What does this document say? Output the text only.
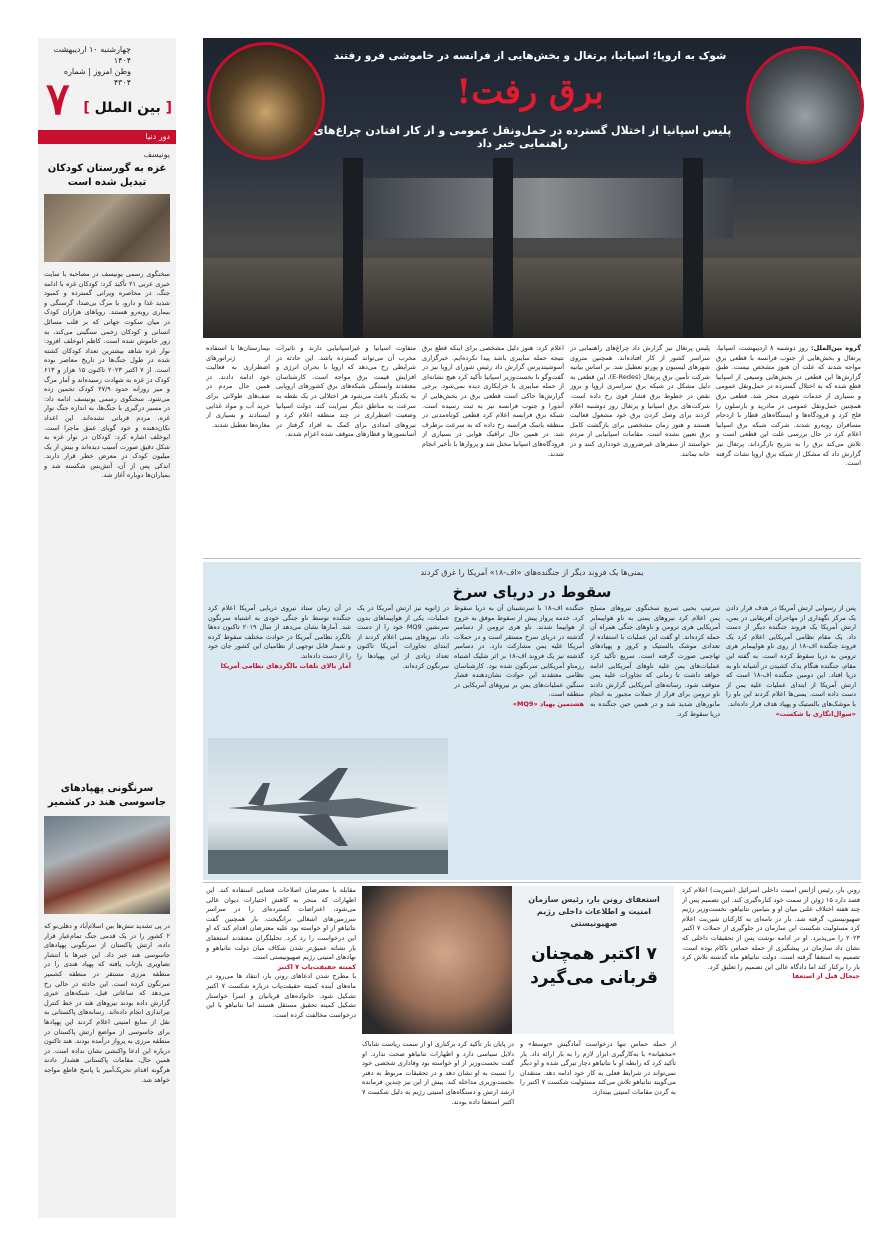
چهارشنبه ۱۰ اردیبهشت ۱۴۰۴
وطن امروز | شماره ۴۳۰۴
۷	[ بین الملل ]
دور دنیا
یونیسف
غزه به گورستان کودکان تبدیل شده است
سخنگوی رسمی یونیسف در مصاحبه با سایت خبری عربی ۲۱ تأکید کرد: کودکان غزه با ادامه جنگ، در محاصره ویرانی گسترده و کمبود شدید غذا و دارو، با مرگ بی‌صدا، گرسنگی و بیماری روبه‌رو هستند. رویاهای هزاران کودک در میان سکوت جهانی که بر قلب مسائل انسانی و کودکان زخمی سنگینی می‌کند، به زور خاموش شده است. کاظم ابوخلف افزود: نوار غزه شاهد بیشترین تعداد کودکان کشته شده در طول جنگ‌ها در تاریخ معاصر بوده است. از ۷ اکتبر ۲۰۲۳ تاکنون ۱۵ هزار و ۶۱۳ کودک در غزه به شهادت رسیده‌اند و آمار مرگ و میر روزانه حدود ۲۷/۹ کودک تخمین زده می‌شود. سخنگوی رسمی یونیسف ادامه داد: در مسیر درگیری با جنگ‌ها، به اندازه جنگ نوار غزه، مردم قربانی نشده‌اند. این اعداد نکان‌دهنده و خود گویای عمق ماجرا است. ابوخلف اشاره کرد: کودکان در نوار غزه به شکل دقیق صورت آسیب دیده‌اند و بیش از یک میلیون کودک در معرض خطر قرار دارند. اندکی پس از آن، آتش‌بس شکسته شد و بمباران‌ها دوباره آغاز شد.
سرنگونی پهپادهای جاسوسی هند در کشمیر
در پی تشدید تنش‌ها بین اسلام‌آباد و دهلی‌نو که ۲ کشور را در یک قدمی جنگ تمام‌عیار قرار داده، ارتش پاکستان از سرنگونی پهپادهای جاسوسی هند خبر داد. این خبرها با انتشار تصاویری بازتاب یافته که پهپاد هندی را در منطقه مرزی مستقر در منطقه کشمیر سرنگون کرده است. این حادثه در حالی رخ می‌دهد که ساعاتی قبل، شبکه‌های خبری گزارش داده بودند نیروهای هند در خط کنترل تیراندازی انجام داده‌اند. رسانه‌های پاکستانی به نقل از منابع امنیتی اعلام کردند این پهپادها برای جاسوسی از مواضع ارتش پاکستان در منطقه مرزی به پرواز درآمده بودند. هند تاکنون درباره این ادعا واکنشی نشان نداده است. در همین حال، مقامات پاکستانی هشدار دادند هرگونه اقدام تحریک‌آمیز با پاسخ قاطع مواجه خواهد شد.
شوک به اروپا؛ اسپانیا، پرتغال و بخش‌هایی از فرانسه در خاموشی فرو رفتند
برق رفت!
پلیس اسپانیا از اختلال گسترده در حمل‌ونقل عمومی و از کار افتادن چراغ‌های راهنمایی خبر داد
گروه بین‌الملل: روز دوشنبه ۸ اردیبهشت، اسپانیا، پرتغال و بخش‌هایی از جنوب فرانسه با قطعی برق مواجه شدند که علت آن هنوز مشخص نیست. طبق گزارش‌ها این قطعی در بخش‌هایی وسیعی از اسپانیا قطع شده که به اختلال گسترده در حمل‌ونقل عمومی و بسیاری از خدمات شهری منجر شد. قطعی برق همچنین حمل‌ونقل عمومی در مادرید و بارسلون را فلج کرد و فرودگاه‌ها و ایستگاه‌های قطار با ازدحام مسافران روبه‌رو شدند. شرکت شبکه برق اسپانیا اعلام کرد در حال بررسی علت این قطعی است و تلاش می‌کند برق را به تدریج بازگرداند. پرتغال نیز گزارش داد که مشکل از شبکه برق اروپا نشات گرفته است.
پلیس پرتغال نیز گزارش داد چراغ‌های راهنمایی در سراسر کشور از کار افتاده‌اند. همچنین متروی شهرهای لیسبون و پورتو تعطیل شد. بر اساس بیانیه شرکت تأمین برق پرتغال (E-Redes)، این قطعی به دلیل مشکل در شبکه برق سراسری اروپا و بروز نقص در خطوط برق فشار قوی رخ داده است. شرکت‌های برق اسپانیا و پرتغال روز دوشنبه اعلام کردند برای وصل کردن برق خود مشغول فعالیت هستند و هنوز زمان مشخصی برای بازگشت کامل برق تعیین نشده است. مقامات اسپانیایی از مردم خواستند از سفرهای غیرضروری خودداری کنند و در خانه بمانند.
اعلام کرد: هنوز دلیل مشخصی برای اینکه قطع برق نتیجه حمله سایبری باشد پیدا نکرده‌ایم. خبرگزاری آسوشیتدپرس گزارش داد رئیس شورای اروپا نیز در گفت‌وگو با نخست‌وزیر اسپانیا تأکید کرد هیچ نشانه‌ای از حمله سایبری یا خرابکاری دیده نمی‌شود. برخی گزارش‌ها حاکی است قطعی برق در بخش‌هایی از آندورا و جنوب فرانسه نیز به ثبت رسیده است. شبکه برق فرانسه اعلام کرد قطعی کوتاه‌مدتی در منطقه باسک فرانسه رخ داده که به سرعت برطرف شد. در همین حال ترافیک هوایی در بسیاری از فرودگاه‌های اسپانیا مختل شد و پروازها با تأخیر انجام شدند.
متفاوت اسپانیا و غیراسپانیایی دارند و تاثیرات مخرب آن می‌تواند گسترده باشد. این حادثه در شرایطی رخ می‌دهد که اروپا با بحران انرژی و افزایش قیمت برق مواجه است. کارشناسان معتقدند وابستگی شبکه‌های برق کشورهای اروپایی به یکدیگر باعث می‌شود هر اختلالی در یک نقطه به سرعت به مناطق دیگر سرایت کند. دولت اسپانیا وضعیت اضطراری در چند منطقه اعلام کرد و نیروهای امدادی برای کمک به افراد گرفتار در آسانسورها و قطارهای متوقف شده اعزام شدند.
بیمارستان‌ها با استفاده از ژنراتورهای اضطراری به فعالیت خود ادامه دادند. در همین حال مردم در صف‌های طولانی برای خرید آب و مواد غذایی ایستادند و بسیاری از مغازه‌ها تعطیل شدند.
یمنی‌ها یک فروند دیگر از جنگنده‌های «اف-۱۸» آمریکا را غرق کردند
سقوط در دریای سرخ
پس از رسوایی ارتش آمریکا در هدف قرار دادن یک مرکز نگهداری از مهاجران آفریقایی در یمن، ارتش آمریکا یک فروند جنگنده دیگر از دست داد. یک مقام نظامی آمریکایی اعلام کرد یک فروند جنگنده اف-۱۸ از روی ناو هواپیمابر هری ترومن به دریا سقوط کرده است. به گفته این مقام، جنگنده هنگام یدک کشیدن در آشیانه ناو به دریا افتاد. این دومین جنگنده اف-۱۸ است که ارتش آمریکا از ابتدای عملیات علیه یمن از دست داده است. یمنی‌ها اعلام کردند این ناو را با موشک‌های بالستیک و پهپاد هدف قرار داده‌اند.
«سوال‌انگاری یا شکست»
سرتیپ یحیی سریع سخنگوی نیروهای مسلح یمن اعلام کرد نیروهای یمنی به ناو هواپیمابر آمریکایی هری ترومن و ناوهای جنگی همراه آن حمله کرده‌اند. او گفت این عملیات با استفاده از تعدادی موشک بالستیک و کروز و پهپادهای تهاجمی صورت گرفته است. سریع تأکید کرد عملیات‌های یمن علیه ناوهای آمریکایی ادامه خواهد داشت تا زمانی که تجاوزات علیه یمن متوقف شود. رسانه‌های آمریکایی گزارش دادند ناو ترومن برای فرار از حملات مجبور به انجام مانورهای شدید شد و در همین حین جنگنده به دریا سقوط کرد.
جنگنده اف-۱۸ با سرنشینان آن به دریا سقوط کرد. خدمه پرواز پیش از سقوط موفق به خروج از هواپیما شدند. ناو هری ترومن از دسامبر گذشته در دریای سرخ مستقر است و در حملات آمریکا علیه یمن مشارکت دارد. در دسامبر گذشته نیز یک فروند اف-۱۸ بر اثر شلیک اشتباه رزمناو آمریکایی سرنگون شده بود. کارشناسان نظامی معتقدند این حوادث نشان‌دهنده فشار سنگین عملیات‌های یمن بر نیروهای آمریکایی در منطقه است.
هشتمین پهپاد «MQ9»
در ژانویه نیز ارتش آمریکا در یک عملیات، یکی از هواپیماهای بدون سرنشین MQ9 خود را از دست داد. نیروهای یمنی اعلام کردند از ابتدای تجاوزات آمریکا تاکنون تعداد زیادی از این پهپادها را سرنگون کرده‌اند.
در آن زمان ستاد نیروی دریایی آمریکا اعلام کرد جنگنده توسط ناو جنگی خودی به اشتباه سرنگون شد. آمارها نشان می‌دهد از سال ۲۰۱۹ تاکنون ده‌ها بالگرد نظامی آمریکا در حوادث مختلف سقوط کرده و شمار قابل توجهی از نظامیان این کشور جان خود را از دست داده‌اند.
آمار بالای تلفات بالگردهای نظامی آمریکا
استعفای رونن بار، رئیس سازمان امنیت و اطلاعات داخلی رژیم صهیونیستی
۷ اکتبر همچنان قربانی می‌گیرد
رونن بار، رئیس آژانس امنیت داخلی اسرائیل (شین‌بت) اعلام کرد قصد دارد ۱۵ ژوئن از سمت خود کناره‌گیری کند. این تصمیم پس از چند هفته اختلاف علنی میان او و بنیامین نتانیاهو، نخست‌وزیر رژیم صهیونیستی، گرفته شد. بار در نامه‌ای به کارکنان شین‌بت اعلام کرد مسئولیت شکست این سازمان در جلوگیری از حملات ۷ اکتبر ۲۰۲۳ را می‌پذیرد. او در ادامه نوشت پس از تحقیقات داخلی که نشان داد سازمان در پیشگیری از حمله حماس ناکام بوده است، تصمیم به استعفا گرفته است. دولت نتانیاهو ماه گذشته تلاش کرد بار را برکنار کند اما دادگاه عالی این تصمیم را تعلیق کرد.
جنجال قبل از استعفا
از حمله حماس تنها درخواست آمادگیش «توسط» و «مخفیانه» با به‌کارگیری ابزار لازم را به بار ارائه داد. بار تأکید کرد که رابطه او با نتانیاهو دچار تیرگی شده و او دیگر نمی‌تواند در شرایط فعلی به کار خود ادامه دهد. منتقدان می‌گویند نتانیاهو تلاش می‌کند مسئولیت شکست ۷ اکتبر را به گردن مقامات امنیتی بیندازد.
در پایان بار تأکید کرد برکناری او از سمت ریاست شاباک دلایل سیاسی دارد و اظهارات نتانیاهو صحت ندارد. او گفت نخست‌وزیر از او خواسته بود وفاداری شخصی خود را نسبت به او نشان دهد و در تحقیقات مربوط به دفتر نخست‌وزیری مداخله کند. پیش از این نیز چندین فرمانده ارشد ارتش و دستگاه‌های امنیتی رژیم به دلیل شکست ۷ اکتبر استعفا داده بودند.
مقابله با معترضان اصلاحات قضایی استفاده کند. این اظهارات که منجر به کاهش اختیارات دیوان عالی می‌شود، اعتراضات گسترده‌ای را در سراسر سرزمین‌های اشغالی برانگیخت. بار همچنین گفت نتانیاهو از او خواسته بود علیه معترضان اقدام کند که او این درخواست را رد کرد. تحلیلگران معتقدند استعفای بار نشانه عمیق‌تر شدن شکاف میان دولت نتانیاهو و نهادهای امنیتی رژیم صهیونیستی است.
کمیته حقیقت‌یاب ۷ اکتبر
با مطرح شدن ادعاهای رونن بار، انتقاد ها می‌رود در ماه‌های آینده کمیته حقیقت‌یاب درباره شکست ۷ اکتبر تشکیل شود. خانواده‌های قربانیان و اسرا خواستار تشکیل کمیته تحقیق مستقل هستند اما نتانیاهو با این درخواست مخالفت کرده است.
